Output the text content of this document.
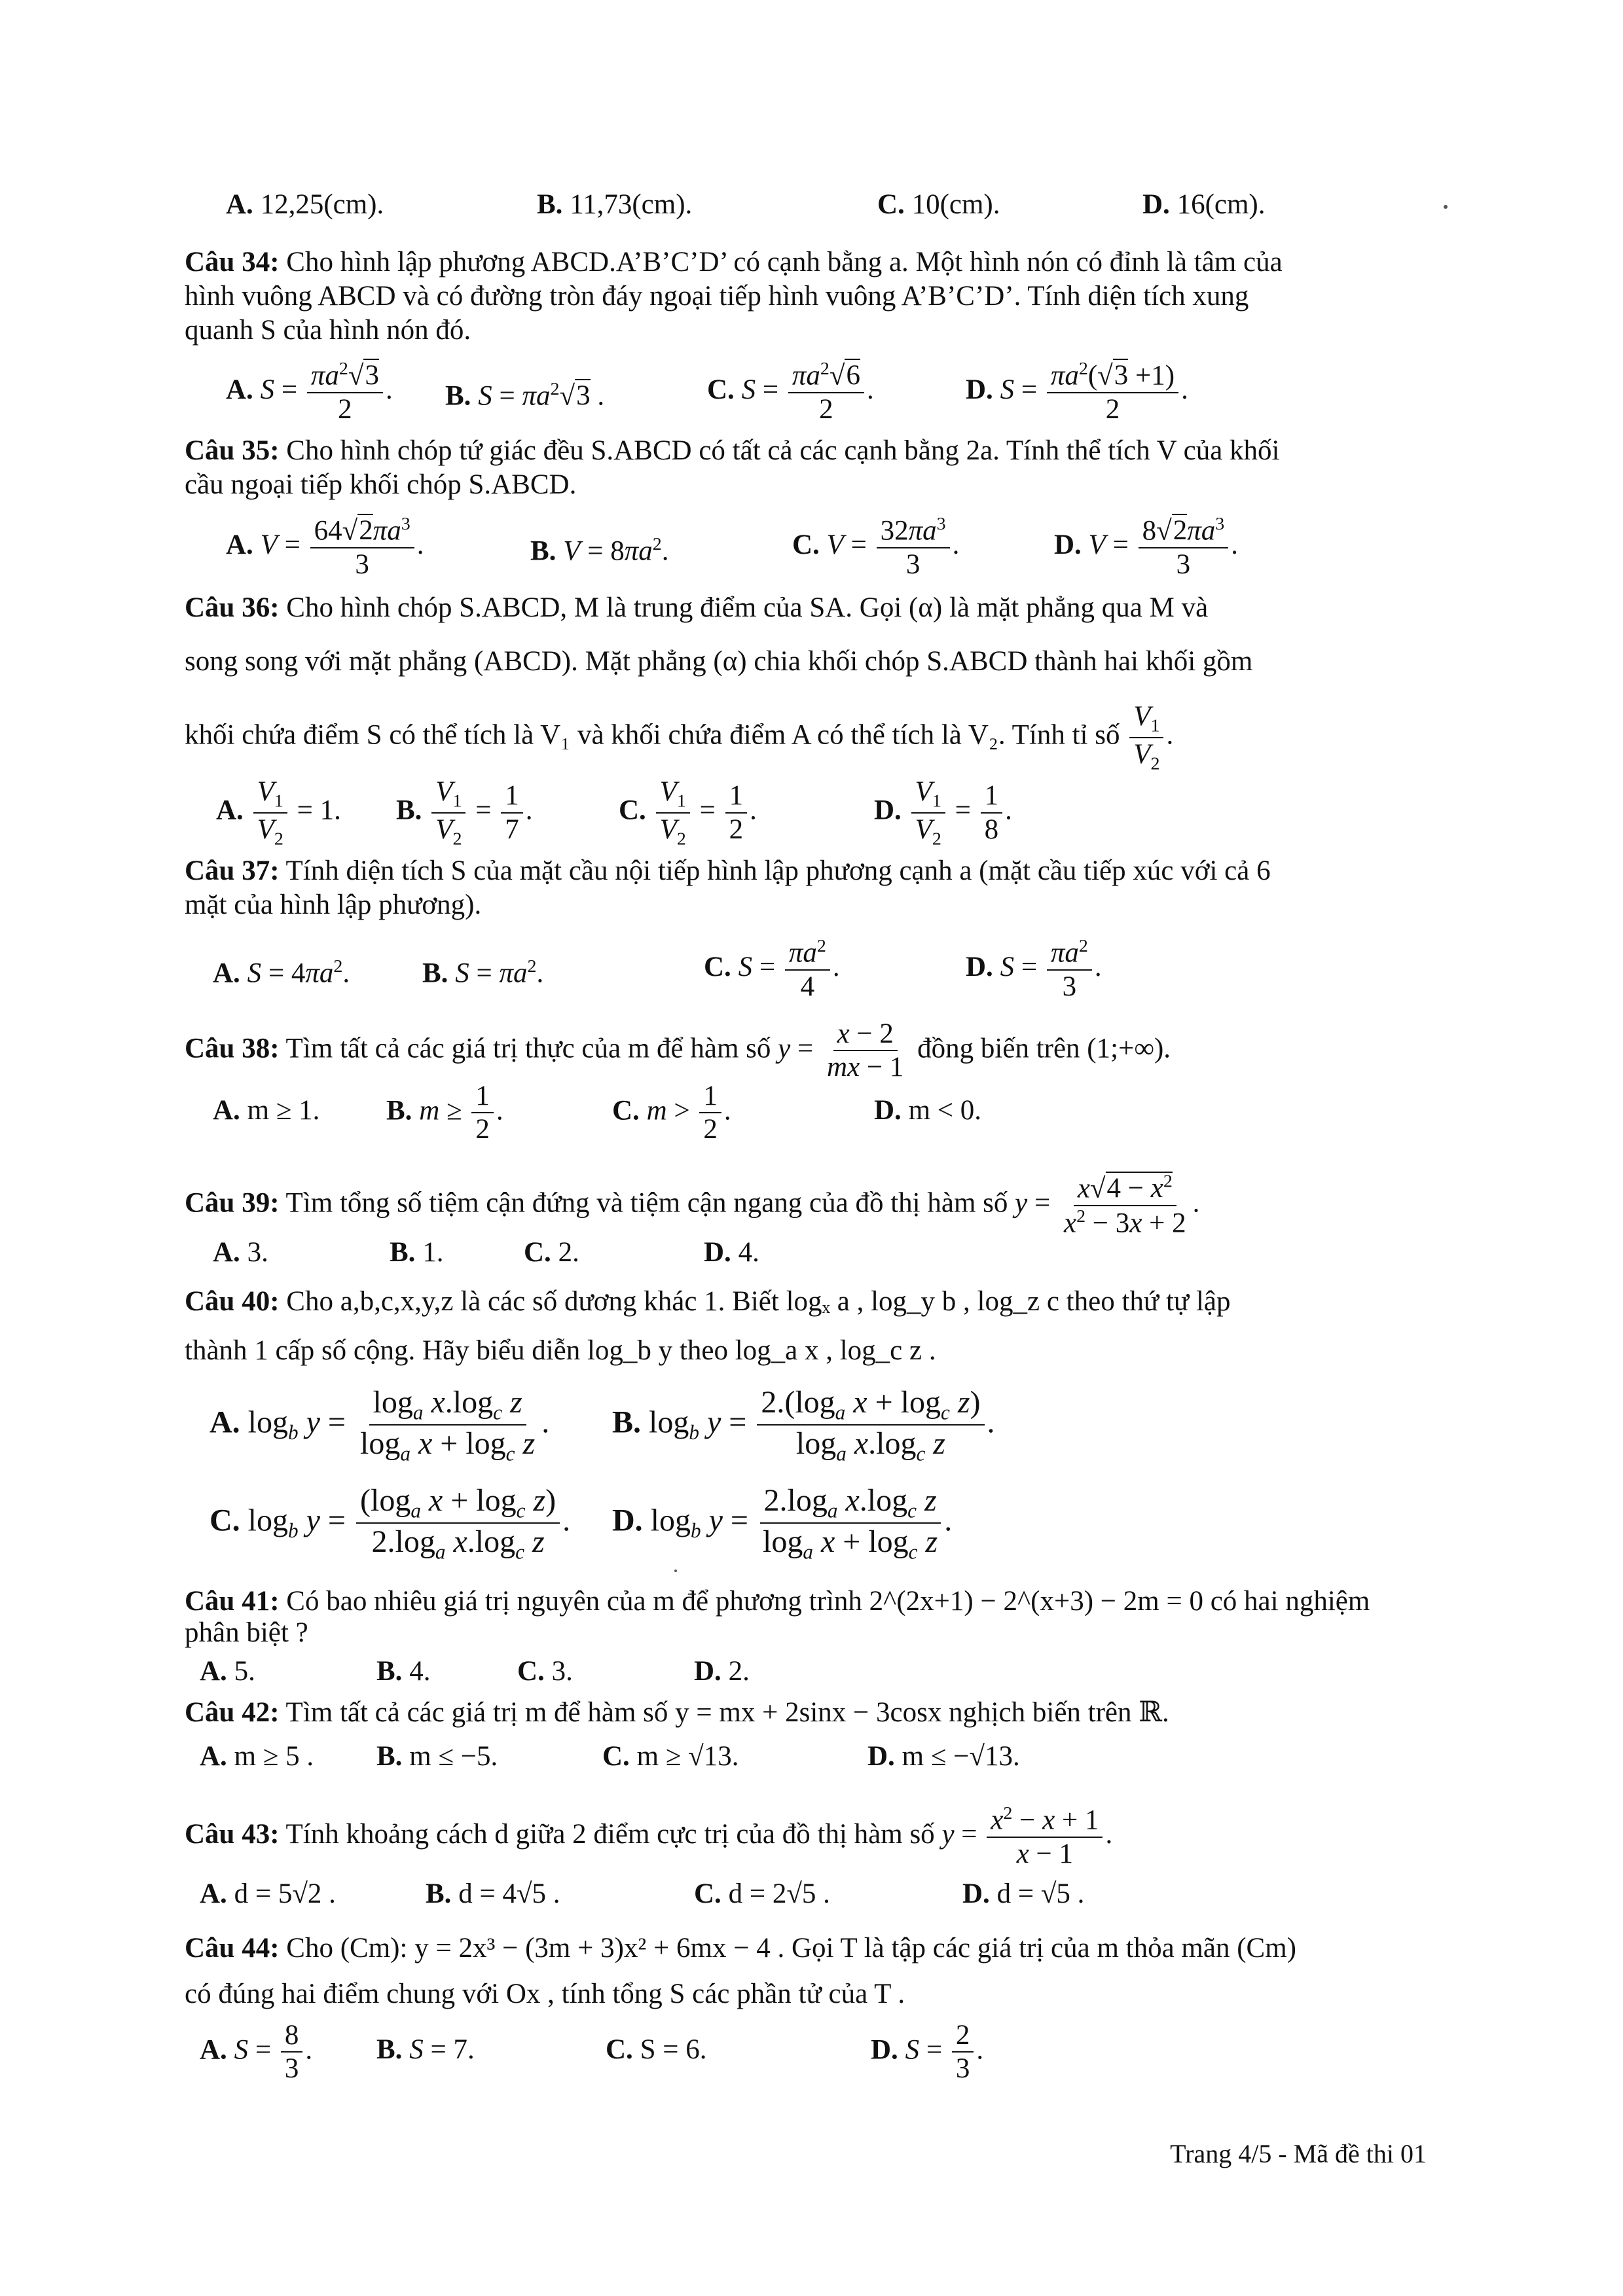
A. 12,25(cm).	B. 11,73(cm).	C. 10(cm).	D. 16(cm).
Câu 34: Cho hình lập phương ABCD.A’B’C’D’ có cạnh bằng a. Một hình nón có đỉnh là tâm của
hình vuông ABCD và có đường tròn đáy ngoại tiếp hình vuông A’B’C’D’. Tính diện tích xung
quanh S của hình nón đó.
A. $S = \frac{\pi a^2√3}{2}$ . B. $S = \pi a^2√3$ .	C. $S = \frac{\pi a^2√6}{2}$ .	D. $S = \frac{\pi a^2(√3 +1)}{2}$ .
Câu 35: Cho hình chóp tứ giác đều S.ABCD có tất cả các cạnh bằng 2a. Tính thể tích V của khối
cầu ngoại tiếp khối chóp S.ABCD.
A. $V = \frac{64√2\pi a^3}{3}$ .	B. $V = 8\pi a^2$.	C. $V = \frac{32\pi a^3}{3}$ .	D. $V = \frac{8√2\pi a^3}{3}$ .
Câu 36: Cho hình chóp S.ABCD, M là trung điểm của SA. Gọi (α) là mặt phẳng qua M và
song song với mặt phẳng (ABCD). Mặt phẳng (α) chia khối chóp S.ABCD thành hai khối gồm
khối chứa điểm S có thể tích là V₁ và khối chứa điểm A có thể tích là V₂. Tính tỉ số $\frac{V_1}{V_2}$ .
A. $\frac{V_1}{V_2} = 1$. B. $\frac{V_1}{V_2} = \frac{1}{7}$ .	C. $\frac{V_1}{V_2} = \frac{1}{2}$ .	D. $\frac{V_1}{V_2} = \frac{1}{8}$ .
Câu 37: Tính diện tích S của mặt cầu nội tiếp hình lập phương cạnh a (mặt cầu tiếp xúc với cả 6
mặt của hình lập phương).
A. $S = 4\pi a^2$.	B. $S = \pi a^2$.	C. $S = \frac{\pi a^2}{4}$ .	D. $S = \frac{\pi a^2}{3}$ .
Câu 38: Tìm tất cả các giá trị thực của m để hàm số $y = \frac{x - 2}{mx - 1}$ đồng biến trên (1;+∞).
A. m ≥ 1. B. $m \ge \frac{1}{2}$ .	C. $m > \frac{1}{2}$ .	D. m < 0.
Câu 39: Tìm tổng số tiệm cận đứng và tiệm cận ngang của đồ thị hàm số $y = \frac{x√4 - x^2}{x^2 - 3x + 2}$ .
A. 3.	B. 1.	C. 2.	D. 4.
Câu 40: Cho a,b,c,x,y,z là các số dương khác 1. Biết logₓ a , log_y b , log_z c theo thứ tự lập
thành 1 cấp số cộng. Hãy biểu diễn log_b y theo log_a x , log_c z .
A. $\log_b y = \frac{\log_a x.\log_c z}{\log_a x + \log_c z}$ . B. $\log_b y = \frac{2.(\log_a x + \log_c z)}{\log_a x.\log_c z}$ .
C. $\log_b y = \frac{(\log_a x + \log_c z)}{2.\log_a x.\log_c z}$ . D. $\log_b y = \frac{2.\log_a x.\log_c z}{\log_a x + \log_c z}$ .
Câu 41: Có bao nhiêu giá trị nguyên của m để phương trình 2^(2x+1) − 2^(x+3) − 2m = 0 có hai nghiệm
phân biệt ?
A. 5.	B. 4.	C. 3.	D. 2.
Câu 42: Tìm tất cả các giá trị m để hàm số y = mx + 2sinx − 3cosx nghịch biến trên ℝ.
A. m ≥ 5 . B. m ≤ −5.	C. m ≥ √13.	D. m ≤ −√13.
Câu 43: Tính khoảng cách d giữa 2 điểm cực trị của đồ thị hàm số $y = \frac{x^2 - x + 1}{x - 1}$ .
A. d = 5√2 .	B. d = 4√5 .	C. d = 2√5 .	D. d = √5 .
Câu 44: Cho (Cm): y = 2x³ − (3m + 3)x² + 6mx − 4 . Gọi T là tập các giá trị của m thỏa mãn (Cm)
có đúng hai điểm chung với Ox , tính tổng S các phần tử của T .
A. $S = \frac{8}{3}$ . B. S = 7.	C. S = 6.	D. $S = \frac{2}{3}$ .
Trang 4/5 - Mã đề thi 01
